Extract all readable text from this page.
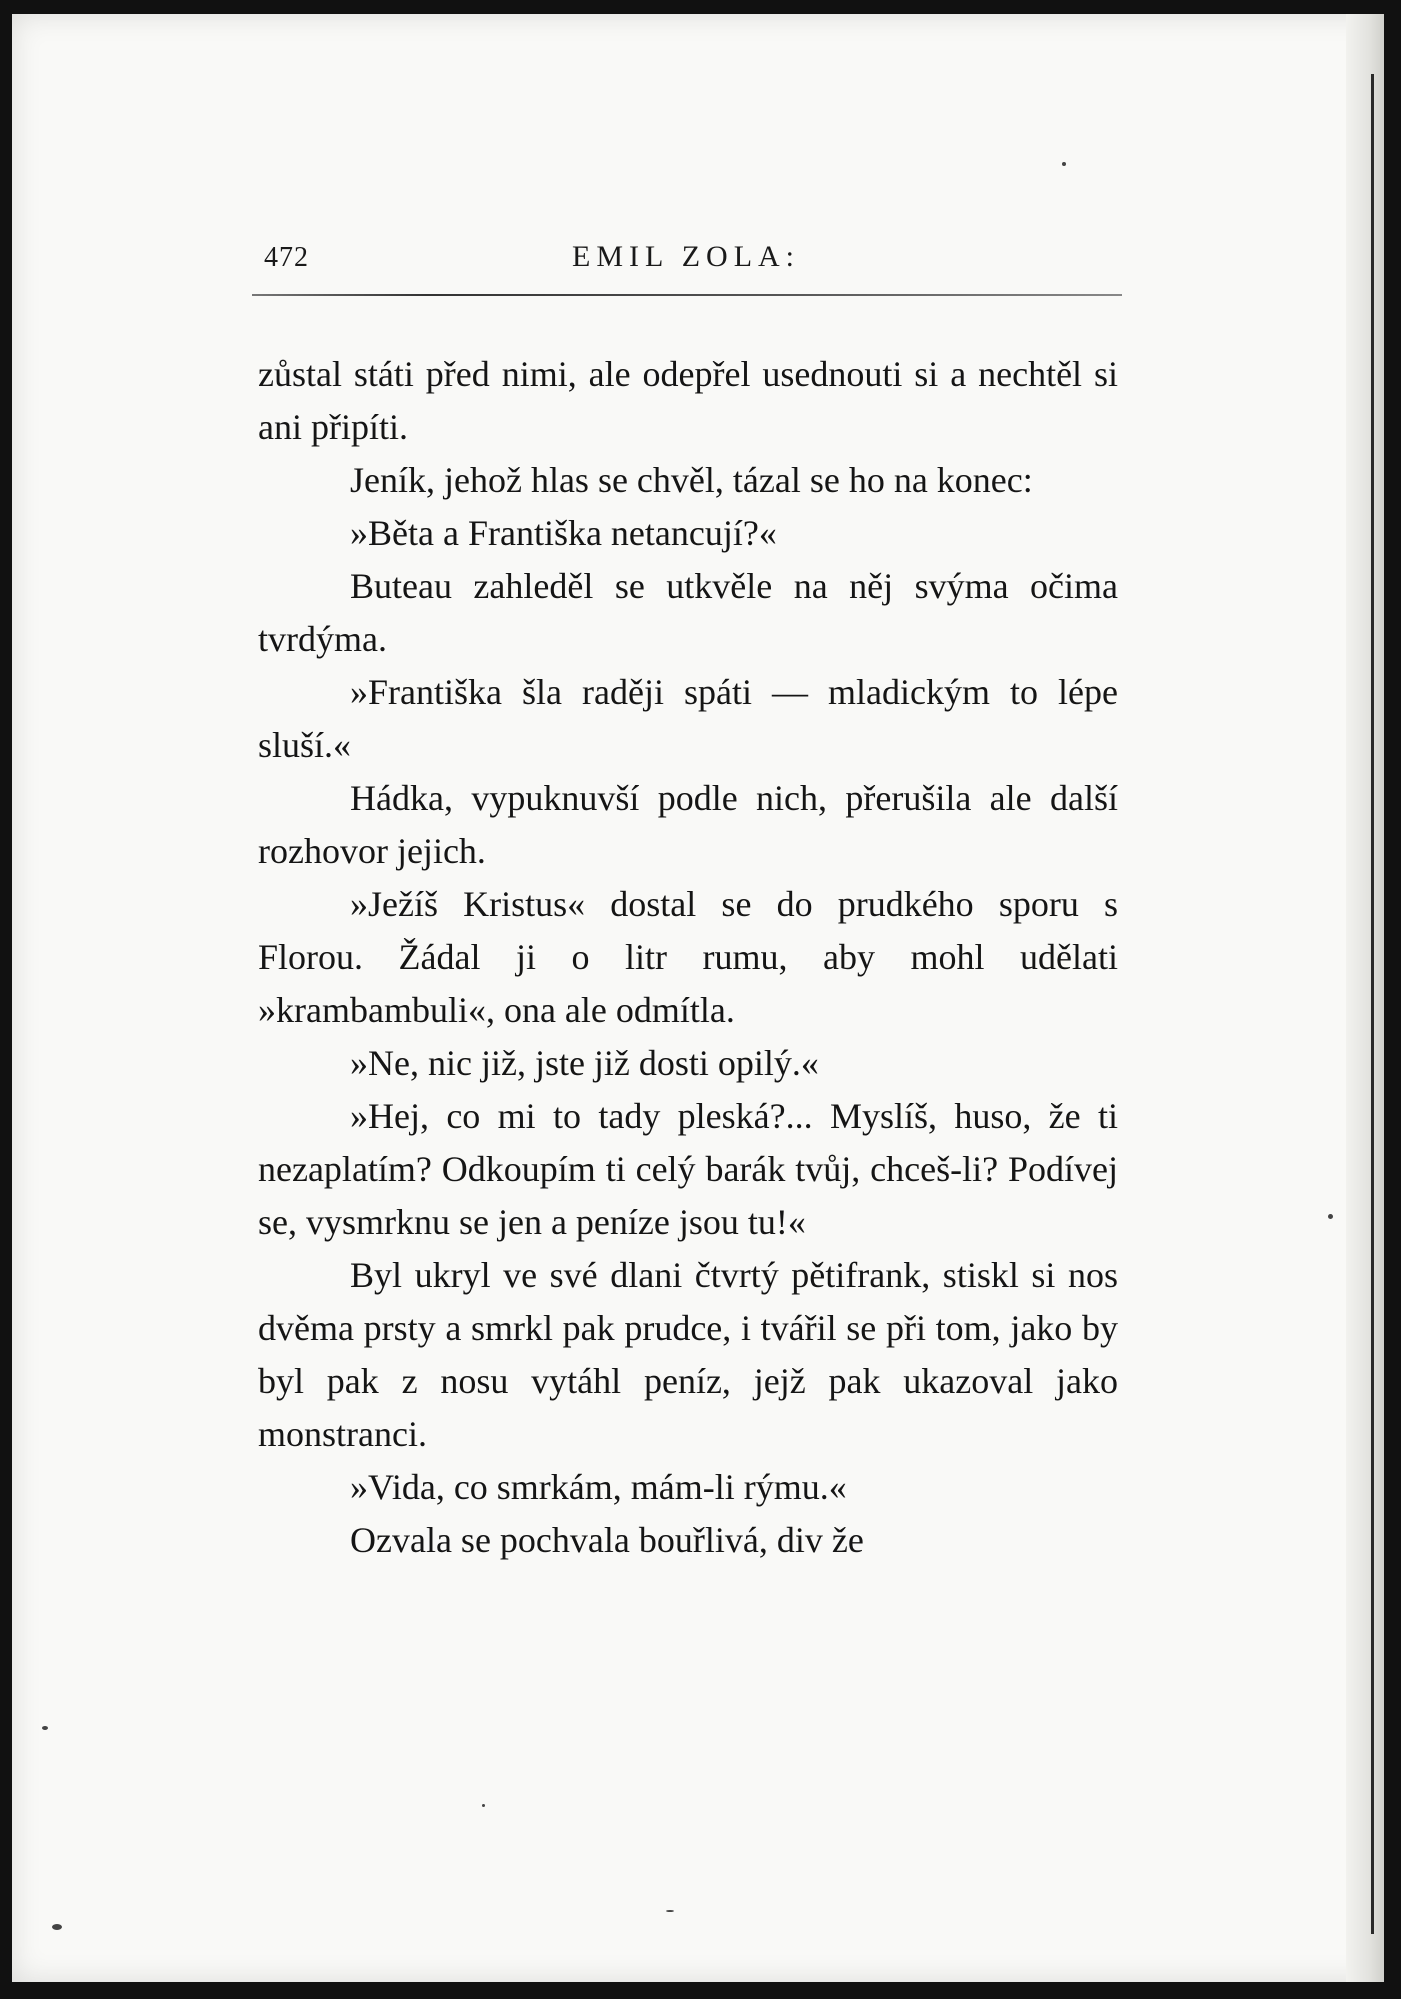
472	EMIL ZOLA:

zůstal státi před nimi, ale odepřel usednouti si a nechtěl si ani připíti.

Jeník, jehož hlas se chvěl, tázal se ho na konec:

»Běta a Františka netancují?«

Buteau zahleděl se utkvěle na něj svýma očima tvrdýma.

»Františka šla raději spáti — mladickým to lépe sluší.«

Hádka, vypuknuvší podle nich, přerušila ale další rozhovor jejich.

»Ježíš Kristus« dostal se do prudkého sporu s Florou. Žádal ji o litr rumu, aby mohl udělati »krambambuli«, ona ale odmítla.

»Ne, nic již, jste již dosti opilý.«

»Hej, co mi to tady pleská?... Myslíš, huso, že ti nezaplatím? Odkoupím ti celý barák tvůj, chceš-li? Podívej se, vysmrknu se jen a peníze jsou tu!«

Byl ukryl ve své dlani čtvrtý pětifrank, stiskl si nos dvěma prsty a smrkl pak prudce, i tvářil se při tom, jako by byl pak z nosu vytáhl peníz, jejž pak ukazoval jako monstranci.

»Vida, co smrkám, mám-li rýmu.«

Ozvala se pochvala bouřlivá, div že
